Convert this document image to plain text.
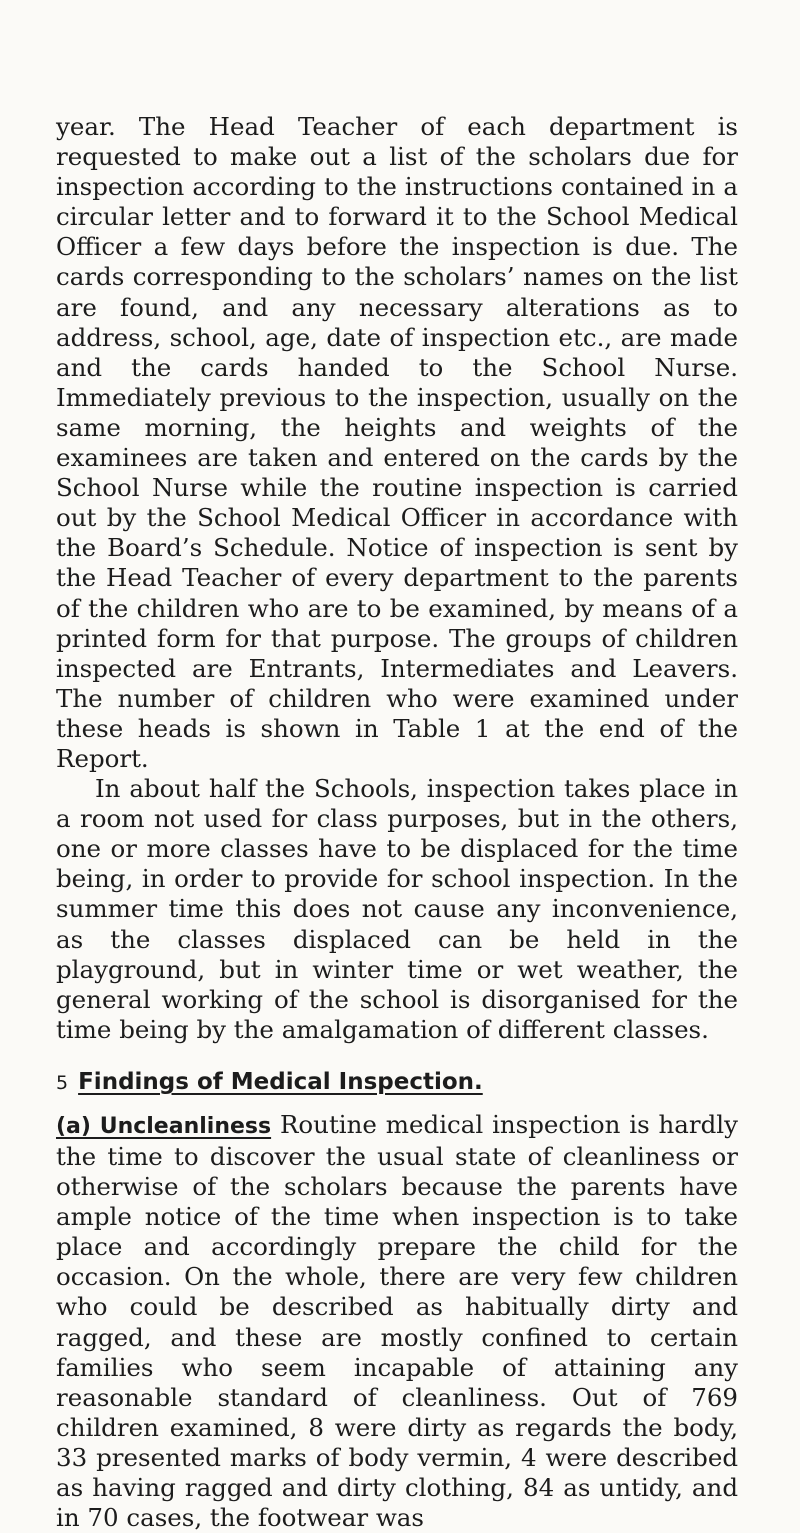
year. The Head Teacher of each department is requested to make out a list of the scholars due for inspection according to the instructions contained in a circular letter and to forward it to the School Medical Officer a few days before the inspection is due. The cards corresponding to the scholars’ names on the list are found, and any necessary alterations as to address, school, age, date of inspection etc., are made and the cards handed to the School Nurse. Immediately previous to the inspection, usually on the same morning, the heights and weights of the examinees are taken and entered on the cards by the School Nurse while the routine inspection is carried out by the School Medical Officer in accordance with the Board’s Schedule. Notice of inspection is sent by the Head Teacher of every department to the parents of the children who are to be examined, by means of a printed form for that purpose. The groups of children inspected are Entrants, Intermediates and Leavers. The number of children who were examined under these heads is shown in Table 1 at the end of the Report.

In about half the Schools, inspection takes place in a room not used for class purposes, but in the others, one or more classes have to be displaced for the time being, in order to provide for school inspection. In the summer time this does not cause any inconvenience, as the classes displaced can be held in the playground, but in winter time or wet weather, the general working of the school is disorganised for the time being by the amalgamation of different classes.

5 Findings of Medical Inspection.

(a) Uncleanliness Routine medical inspection is hardly the time to discover the usual state of cleanliness or otherwise of the scholars because the parents have ample notice of the time when inspection is to take place and accordingly prepare the child for the occasion. On the whole, there are very few children who could be described as habitually dirty and ragged, and these are mostly confined to certain families who seem incapable of attaining any reasonable standard of cleanliness. Out of 769 children examined, 8 were dirty as regards the body, 33 presented marks of body vermin, 4 were described as having ragged and dirty clothing, 84 as untidy, and in 70 cases, the footwear was
